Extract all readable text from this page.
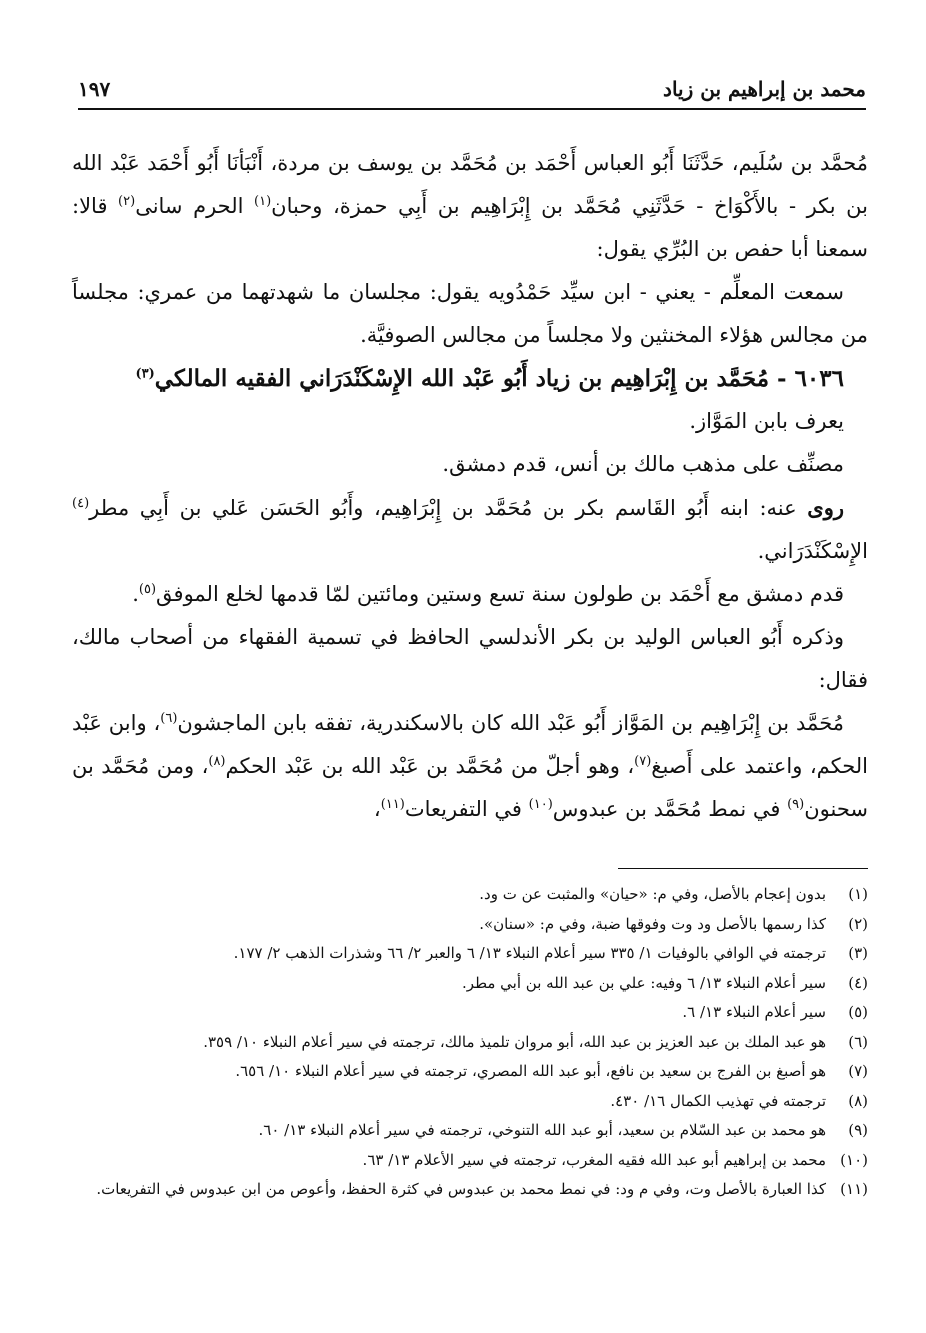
محمد بن إبراهيم بن زياد
١٩٧

مُحمَّد بن سُلَيم، حَدَّثَنَا أَبُو العباس أَحْمَد بن مُحَمَّد بن يوسف بن مردة، أَنْبَأنَا أَبُو أَحْمَد عَبْد الله بن بكر - بالأَكْوَاخ - حَدَّثَنِي مُحَمَّد بن إِبْرَاهِيم بن أَبِي حمزة، وحبان$^{(١)}$ الحرم سانى$^{(٢)}$ قالا: سمعنا أبا حفص بن البُرِّي يقول:

سمعت المعلِّم - يعني - ابن سيِّد حَمْدُويه يقول: مجلسان ما شهدتهما من عمري: مجلساً من مجالس هؤلاء المخنثين ولا مجلساً من مجالس الصوفيَّة.

٦٠٣٦ - مُحَمَّد بن إِبْرَاهِيم بن زياد أَبُو عَبْد الله الإِسْكَنْدَرَاني الفقيه المالكي$^{(٣)}$

يعرف بابن المَوَّاز.

مصنِّف على مذهب مالك بن أنس، قدم دمشق.

روى عنه: ابنه أَبُو القَاسم بكر بن مُحَمَّد بن إِبْرَاهِيم، وأَبُو الحَسَن عَلي بن أَبِي مطر$^{(٤)}$ الإِسْكَنْدَرَاني.

قدم دمشق مع أَحْمَد بن طولون سنة تسع وستين ومائتين لمّا قدمها لخلع الموفق$^{(٥)}$.

وذكره أَبُو العباس الوليد بن بكر الأندلسي الحافظ في تسمية الفقهاء من أصحاب مالك، فقال:

مُحَمَّد بن إِبْرَاهِيم بن المَوَّاز أَبُو عَبْد الله كان بالاسكندرية، تفقه بابن الماجشون$^{(٦)}$، وابن عَبْد الحكم، واعتمد على أَصبغ$^{(٧)}$، وهو أجلّ من مُحَمَّد بن عَبْد الله بن عَبْد الحكم$^{(٨)}$، ومن مُحَمَّد بن سحنون$^{(٩)}$ في نمط مُحَمَّد بن عبدوس$^{(١٠)}$ في التفريعات$^{(١١)}$،

(١)
بدون إعجام بالأصل، وفي م: «حيان» والمثبت عن ت ود.
(٢)
كذا رسمها بالأصل ود وت وفوقها ضبة، وفي م: «سنان».
(٣)
ترجمته في الوافي بالوفيات ١/ ٣٣٥ سير أعلام النبلاء ١٣/ ٦ والعبر ٢/ ٦٦ وشذرات الذهب ٢/ ١٧٧.
(٤)
سير أعلام النبلاء ١٣/ ٦ وفيه: علي بن عبد الله بن أبي مطر.
(٥)
سير أعلام النبلاء ١٣/ ٦.
(٦)
هو عبد الملك بن عبد العزيز بن عبد الله، أبو مروان تلميذ مالك، ترجمته في سير أعلام النبلاء ١٠/ ٣٥٩.
(٧)
هو أصبغ بن الفرج بن سعيد بن نافع، أبو عبد الله المصري، ترجمته في سير أعلام النبلاء ١٠/ ٦٥٦.
(٨)
ترجمته في تهذيب الكمال ١٦/ ٤٣٠.
(٩)
هو محمد بن عبد السّلام بن سعيد، أبو عبد الله التنوخي، ترجمته في سير أعلام النبلاء ١٣/ ٦٠.
(١٠)
محمد بن إبراهيم أبو عبد الله فقيه المغرب، ترجمته في سير الأعلام ١٣/ ٦٣.
(١١)
كذا العبارة بالأصل وت، وفي م ود: في نمط محمد بن عبدوس في كثرة الحفظ، وأعوص من ابن عبدوس في التفريعات.
